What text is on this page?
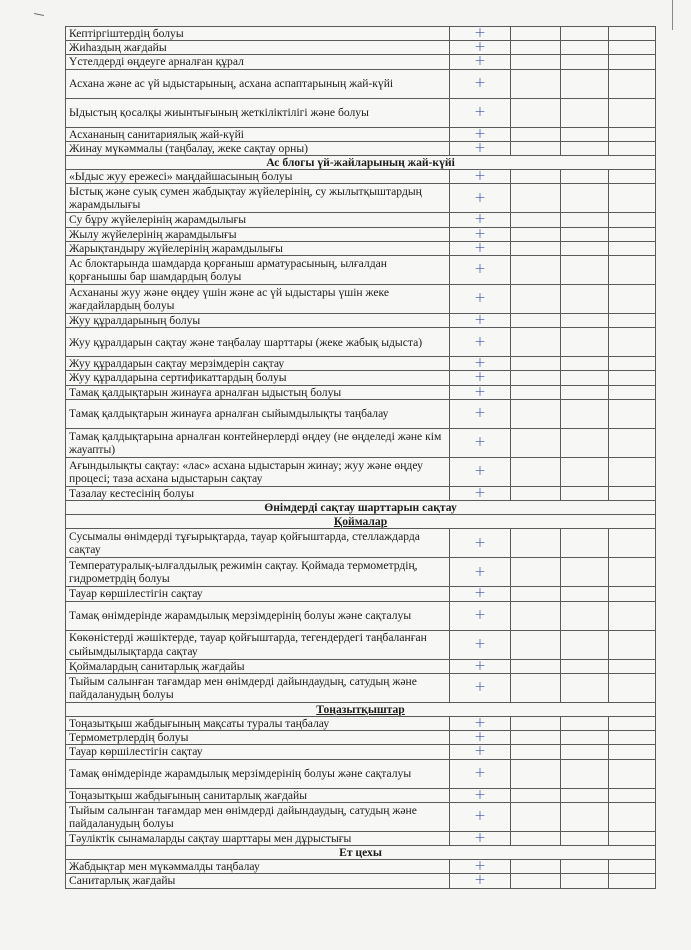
Кептіргіштердің болуы	+			
Жиһаздың жағдайы	+			
Үстелдерді өңдеуге арналған құрал	+			
Асхана және ас үй ыдыстарының, асхана аспаптарының жай-күйі	+			
Ыдыстың қосалқы жиынтығының жеткіліктілігі және болуы	+			
Асхананың санитариялық жай-күйі	+			
Жинау мүкәммалы (таңбалау, жеке сақтау орны)	+			
Ас блогы үй-жайларының жай-күйі				
«Ыдыс жуу ережесі» маңдайшасының болуы	+			
Ыстық және суық сумен жабдықтау жүйелерінің, су жылытқыштардың жарамдылығы	+			
Су бұру жүйелерінің жарамдылығы	+			
Жылу жүйелерінің жарамдылығы	+			
Жарықтандыру жүйелерінің жарамдылығы	+			
Ас блоктарында шамдарда қорғаныш арматурасының, ылғалдан қорғанышы бар шамдардың болуы	+			
Асхананы жуу және өңдеу үшін және ас үй ыдыстары үшін жеке жағдайлардың болуы	+			
Жуу құралдарының болуы	+			
Жуу құралдарын сақтау және таңбалау шарттары (жеке жабық ыдыста)	+			
Жуу құралдарын сақтау мерзімдерін сақтау	+			
Жуу құралдарына сертификаттардың болуы	+			
Тамақ қалдықтарын жинауға арналған ыдыстың болуы	+			
Тамақ қалдықтарын жинауға арналған сыйымдылықты таңбалау	+			
Тамақ қалдықтарына арналған контейнерлерді өңдеу (не өңделеді және кім жауапты)	+			
Ағындылықты сақтау: «лас» асхана ыдыстарын жинау; жуу және өңдеу процесі; таза асхана ыдыстарын сақтау	+			
Тазалау кестесінің болуы	+			
Өнімдерді сақтау шарттарын сақтау				
Қоймалар				
Сусымалы өнімдерді тұғырықтарда, тауар қойғыштарда, стеллаждарда сақтау	+			
Температуралық-ылғалдылық режимін сақтау. Қоймада термометрдің, гидрометрдің болуы	+			
Тауар көршілестігін сақтау	+			
Тамақ өнімдерінде жарамдылық мерзімдерінің болуы және сақталуы	+			
Көкөністерді жәшіктерде, тауар қойғыштарда, тегендердегі таңбаланған сыйымдылықтарда сақтау	+			
Қоймалардың санитарлық жағдайы	+			
Тыйым салынған тағамдар мен өнімдерді дайындаудың, сатудың және пайдаланудың болуы	+			
Тоңазытқыштар				
Тоңазытқыш жабдығының мақсаты туралы таңбалау	+			
Термометрлердің болуы	+			
Тауар көршілестігін сақтау	+			
Тамақ өнімдерінде жарамдылық мерзімдерінің болуы және сақталуы	+			
Тоңазытқыш жабдығының санитарлық жағдайы	+			
Тыйым салынған тағамдар мен өнімдерді дайындаудың, сатудың және пайдаланудың болуы	+			
Тәуліктік сынамаларды сақтау шарттары мен дұрыстығы	+			
Ет цехы				
Жабдықтар мен мүкәммалды таңбалау	+			
Санитарлық жағдайы	+			
